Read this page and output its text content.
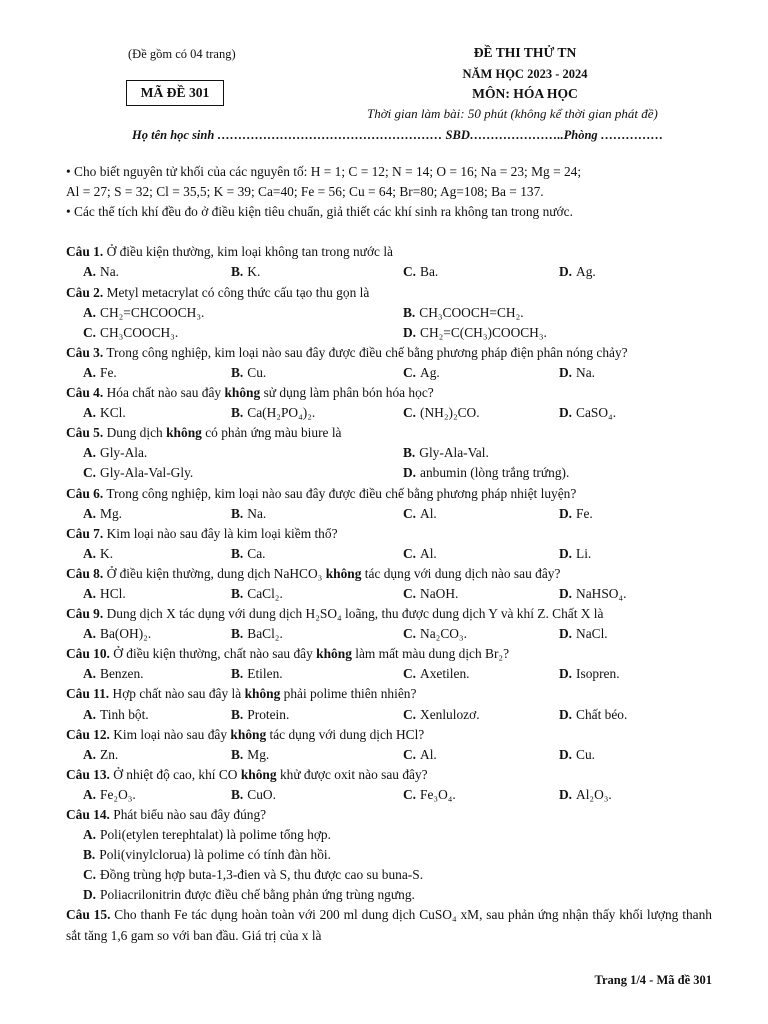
(Đề gồm có 04 trang)
MÃ ĐỀ 301
ĐỀ THI THỬ TN
NĂM HỌC 2023 - 2024
MÔN: HÓA HỌC
Thời gian làm bài: 50 phút (không kể thời gian phát đề)
Họ tên học sinh ……………………………………………… SBD…………………..Phòng ……………
• Cho biết nguyên tử khối của các nguyên tố: H = 1; C = 12; N = 14; O = 16; Na = 23; Mg = 24;
Al = 27; S = 32; Cl = 35,5; K = 39; Ca=40; Fe = 56; Cu = 64; Br=80; Ag=108; Ba = 137.
• Các thể tích khí đều đo ở điều kiện tiêu chuẩn, giả thiết các khí sinh ra không tan trong nước.
Câu 1. Ở điều kiện thường, kim loại không tan trong nước là
A. Na.	B. K.	C. Ba.	D. Ag.
Câu 2. Metyl metacrylat có công thức cấu tạo thu gọn là
A. CH₂=CHCOOCH₃.	B. CH₃COOCH=CH₂.
C. CH₃COOCH₃.	D. CH₂=C(CH₃)COOCH₃.
Câu 3. Trong công nghiệp, kim loại nào sau đây được điều chế bằng phương pháp điện phân nóng chảy?
A. Fe.	B. Cu.	C. Ag.	D. Na.
Câu 4. Hóa chất nào sau đây không sử dụng làm phân bón hóa học?
A. KCl.	B. Ca(H₂PO₄)₂.	C. (NH₂)₂CO.	D. CaSO₄.
Câu 5. Dung dịch không có phản ứng màu biure là
A. Gly-Ala.	B. Gly-Ala-Val.
C. Gly-Ala-Val-Gly.	D. anbumin (lòng trắng trứng).
Câu 6. Trong công nghiệp, kim loại nào sau đây được điều chế bằng phương pháp nhiệt luyện?
A. Mg.	B. Na.	C. Al.	D. Fe.
Câu 7. Kim loại nào sau đây là kim loại kiềm thổ?
A. K.	B. Ca.	C. Al.	D. Li.
Câu 8. Ở điều kiện thường, dung dịch NaHCO₃ không tác dụng với dung dịch nào sau đây?
A. HCl.	B. CaCl₂.	C. NaOH.	D. NaHSO₄.
Câu 9. Dung dịch X tác dụng với dung dịch H₂SO₄ loãng, thu được dung dịch Y và khí Z. Chất X là
A. Ba(OH)₂.	B. BaCl₂.	C. Na₂CO₃.	D. NaCl.
Câu 10. Ở điều kiện thường, chất nào sau đây không làm mất màu dung dịch Br₂?
A. Benzen.	B. Etilen.	C. Axetilen.	D. Isopren.
Câu 11. Hợp chất nào sau đây là không phải polime thiên nhiên?
A. Tinh bột.	B. Protein.	C. Xenlulozơ.	D. Chất béo.
Câu 12. Kim loại nào sau đây không tác dụng với dung dịch HCl?
A. Zn.	B. Mg.	C. Al.	D. Cu.
Câu 13. Ở nhiệt độ cao, khí CO không khử được oxit nào sau đây?
A. Fe₂O₃.	B. CuO.	C. Fe₃O₄.	D. Al₂O₃.
Câu 14. Phát biểu nào sau đây đúng?
A. Poli(etylen terephtalat) là polime tổng hợp.
B. Poli(vinylclorua) là polime có tính đàn hồi.
C. Đồng trùng hợp buta-1,3-đien và S, thu được cao su buna-S.
D. Poliacrilonitrin được điều chế bằng phản ứng trùng ngưng.
Câu 15. Cho thanh Fe tác dụng hoàn toàn với 200 ml dung dịch CuSO₄ xM, sau phản ứng nhận thấy khối lượng thanh sắt tăng 1,6 gam so với ban đầu. Giá trị của x là
Trang 1/4 - Mã đề 301
